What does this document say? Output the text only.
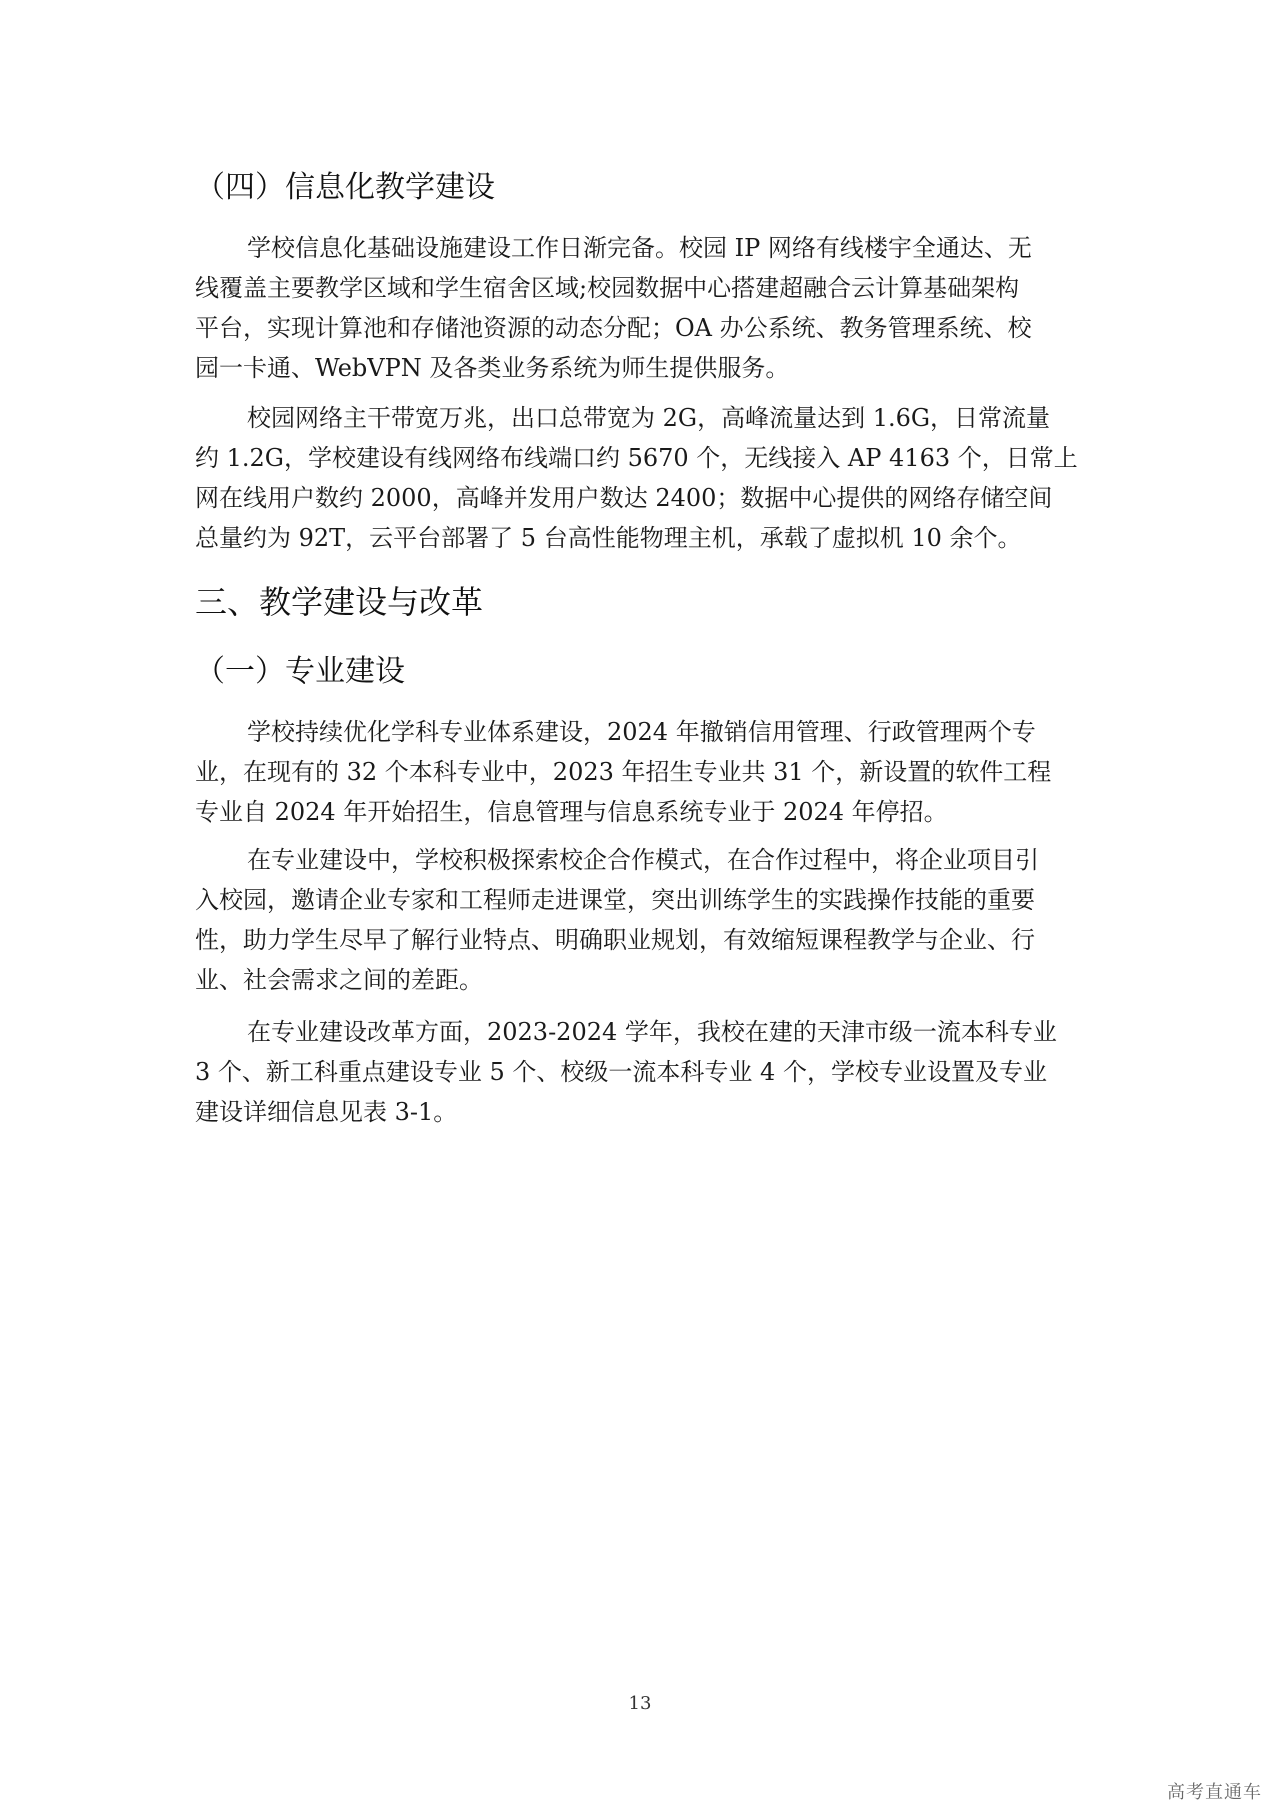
（四）信息化教学建设
学校信息化基础设施建设工作日渐完备。校园 IP 网络有线楼宇全通达、无
线覆盖主要教学区域和学生宿舍区域;校园数据中心搭建超融合云计算基础架构
平台，实现计算池和存储池资源的动态分配；OA 办公系统、教务管理系统、校
园一卡通、WebVPN 及各类业务系统为师生提供服务。
校园网络主干带宽万兆，出口总带宽为 2G，高峰流量达到 1.6G，日常流量
约 1.2G，学校建设有线网络布线端口约 5670 个，无线接入 AP 4163 个，日常上
网在线用户数约 2000，高峰并发用户数达 2400；数据中心提供的网络存储空间
总量约为 92T，云平台部署了 5 台高性能物理主机，承载了虚拟机 10 余个。
三、教学建设与改革
（一）专业建设
学校持续优化学科专业体系建设，2024 年撤销信用管理、行政管理两个专
业，在现有的 32 个本科专业中，2023 年招生专业共 31 个，新设置的软件工程
专业自 2024 年开始招生，信息管理与信息系统专业于 2024 年停招。
在专业建设中，学校积极探索校企合作模式，在合作过程中，将企业项目引
入校园，邀请企业专家和工程师走进课堂，突出训练学生的实践操作技能的重要
性，助力学生尽早了解行业特点、明确职业规划，有效缩短课程教学与企业、行
业、社会需求之间的差距。
在专业建设改革方面，2023-2024 学年，我校在建的天津市级一流本科专业
3 个、新工科重点建设专业 5 个、校级一流本科专业 4 个，学校专业设置及专业
建设详细信息见表 3-1。
13
高考直通车
